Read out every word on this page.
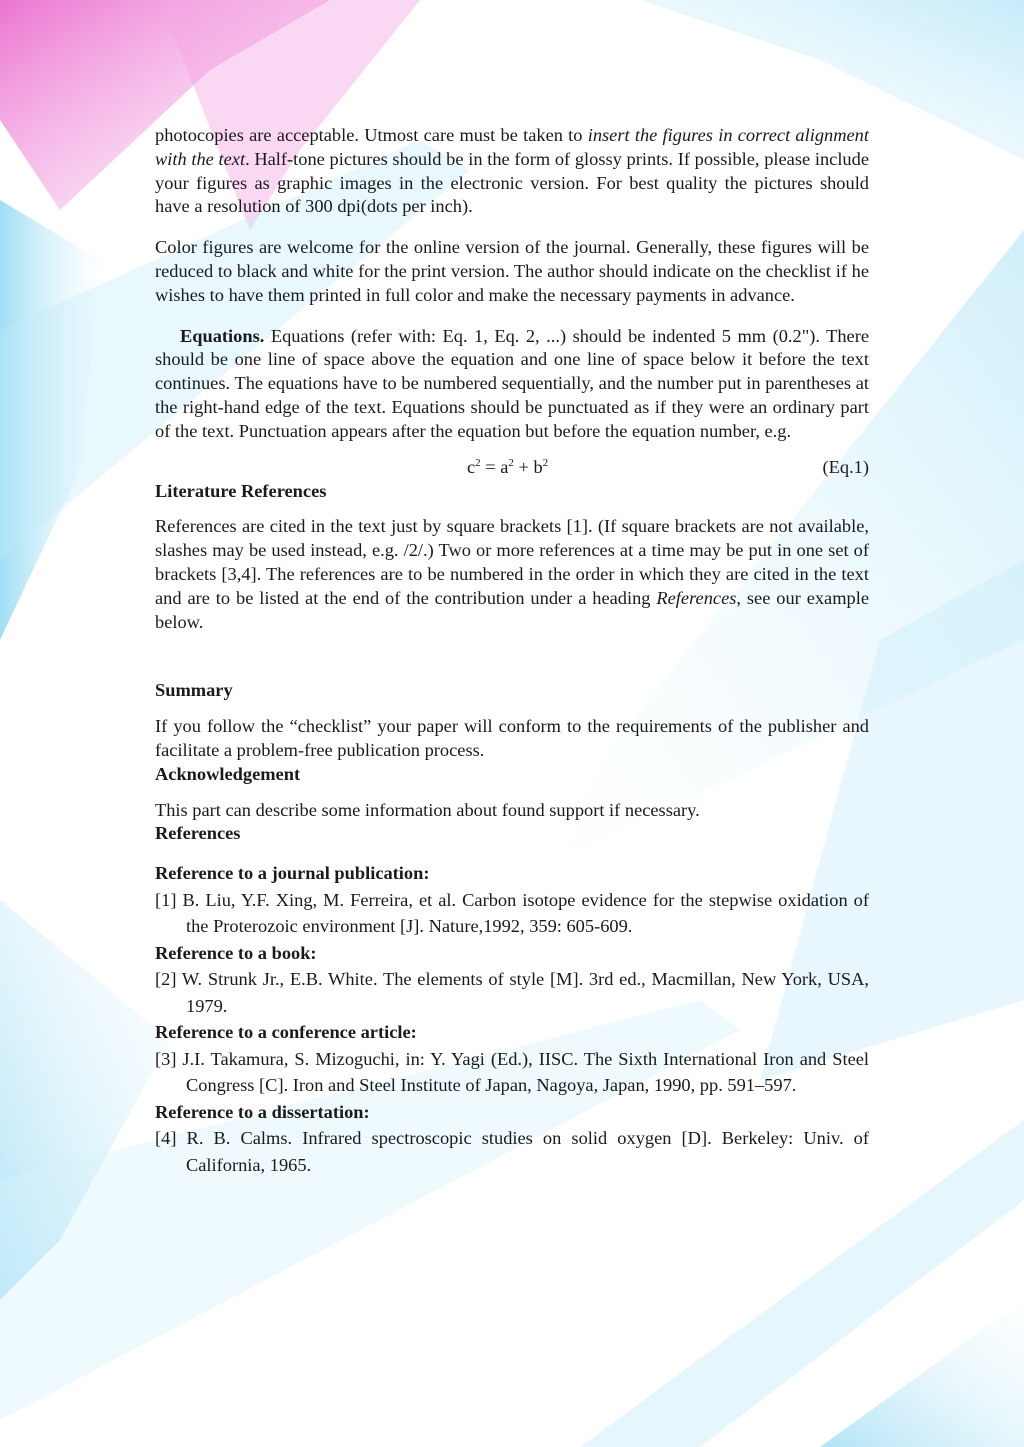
photocopies are acceptable. Utmost care must be taken to insert the figures in correct alignment with the text. Half-tone pictures should be in the form of glossy prints. If possible, please include your figures as graphic images in the electronic version. For best quality the pictures should have a resolution of 300 dpi(dots per inch).

Color figures are welcome for the online version of the journal. Generally, these figures will be reduced to black and white for the print version. The author should indicate on the checklist if he wishes to have them printed in full color and make the necessary payments in advance.

Equations. Equations (refer with: Eq. 1, Eq. 2, ...) should be indented 5 mm (0.2"). There should be one line of space above the equation and one line of space below it before the text continues. The equations have to be numbered sequentially, and the number put in parentheses at the right-hand edge of the text. Equations should be punctuated as if they were an ordinary part of the text. Punctuation appears after the equation but before the equation number, e.g.

$c^2 = a^2 + b^2$	(Eq.1)

Literature References

References are cited in the text just by square brackets [1]. (If square brackets are not available, slashes may be used instead, e.g. /2/.) Two or more references at a time may be put in one set of brackets [3,4]. The references are to be numbered in the order in which they are cited in the text and are to be listed at the end of the contribution under a heading References, see our example below.

Summary

If you follow the “checklist” your paper will conform to the requirements of the publisher and facilitate a problem-free publication process.

Acknowledgement

This part can describe some information about found support if necessary.

References

Reference to a journal publication:

[1] B. Liu, Y.F. Xing, M. Ferreira, et al. Carbon isotope evidence for the stepwise oxidation of the Proterozoic environment [J]. Nature,1992, 359: 605-609.

Reference to a book:

[2] W. Strunk Jr., E.B. White. The elements of style [M]. 3rd ed., Macmillan, New York, USA, 1979.

Reference to a conference article:

[3] J.I. Takamura, S. Mizoguchi, in: Y. Yagi (Ed.), IISC. The Sixth International Iron and Steel Congress [C]. Iron and Steel Institute of Japan, Nagoya, Japan, 1990, pp. 591–597.

Reference to a dissertation:

[4] R. B. Calms. Infrared spectroscopic studies on solid oxygen [D]. Berkeley: Univ. of California, 1965.
